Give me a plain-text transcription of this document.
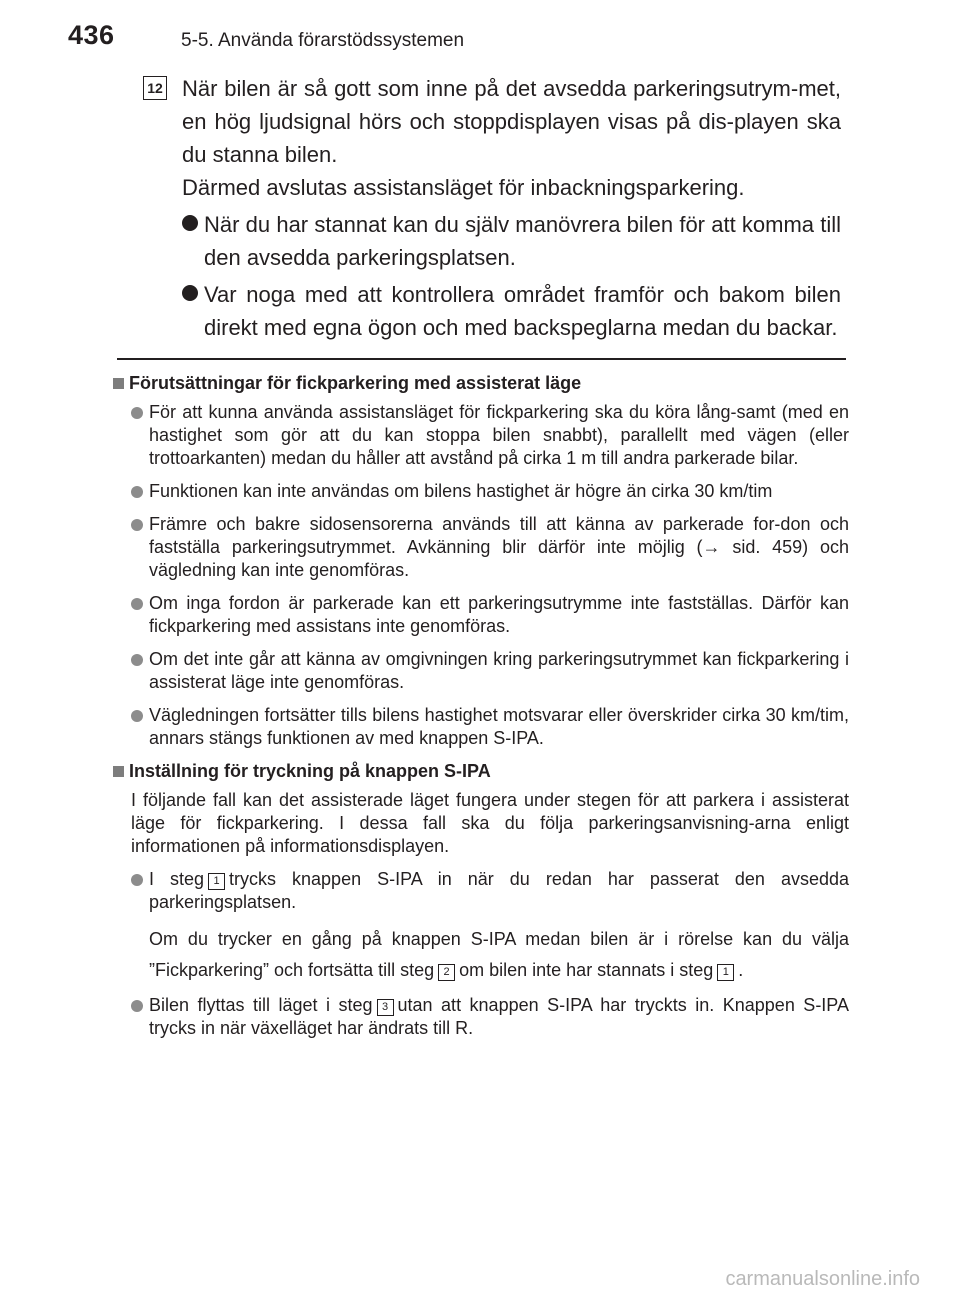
436	5-5. Använda förarstödssystemen
12 När bilen är så gott som inne på det avsedda parkeringsutrym-met, en hög ljudsignal hörs och stoppdisplayen visas på dis-playen ska du stanna bilen.

Därmed avslutas assistansläget för inbackningsparkering.

När du har stannat kan du själv manövrera bilen för att komma till den avsedda parkeringsplatsen.
Var noga med att kontrollera området framför och bakom bilen direkt med egna ögon och med backspeglarna medan du backar.
Förutsättningar för fickparkering med assisterat läge
För att kunna använda assistansläget för fickparkering ska du köra lång-samt (med en hastighet som gör att du kan stoppa bilen snabbt), parallellt med vägen (eller trottoarkanten) medan du håller att avstånd på cirka 1 m till andra parkerade bilar.
Funktionen kan inte användas om bilens hastighet är högre än cirka 30 km/tim
Främre och bakre sidosensorerna används till att känna av parkerade for-don och fastställa parkeringsutrymmet. Avkänning blir därför inte möjlig (→ sid. 459) och vägledning kan inte genomföras.
Om inga fordon är parkerade kan ett parkeringsutrymme inte fastställas. Därför kan fickparkering med assistans inte genomföras.
Om det inte går att känna av omgivningen kring parkeringsutrymmet kan fickparkering i assisterat läge inte genomföras.
Vägledningen fortsätter tills bilens hastighet motsvarar eller överskrider cirka 30 km/tim, annars stängs funktionen av med knappen S-IPA.
Inställning för tryckning på knappen S-IPA
I följande fall kan det assisterade läget fungera under stegen för att parkera i assisterat läge för fickparkering. I dessa fall ska du följa parkeringsanvisning-arna enligt informationen på informationsdisplayen.
I steg 1 trycks knappen S-IPA in när du redan har passerat den avsedda parkeringsplatsen.
Om du trycker en gång på knappen S-IPA medan bilen är i rörelse kan du välja ”Fickparkering” och fortsätta till steg 2 om bilen inte har stannats i steg 1 .
Bilen flyttas till läget i steg 3 utan att knappen S-IPA har tryckts in. Knappen S-IPA trycks in när växelläget har ändrats till R.
carmanualsonline.info
